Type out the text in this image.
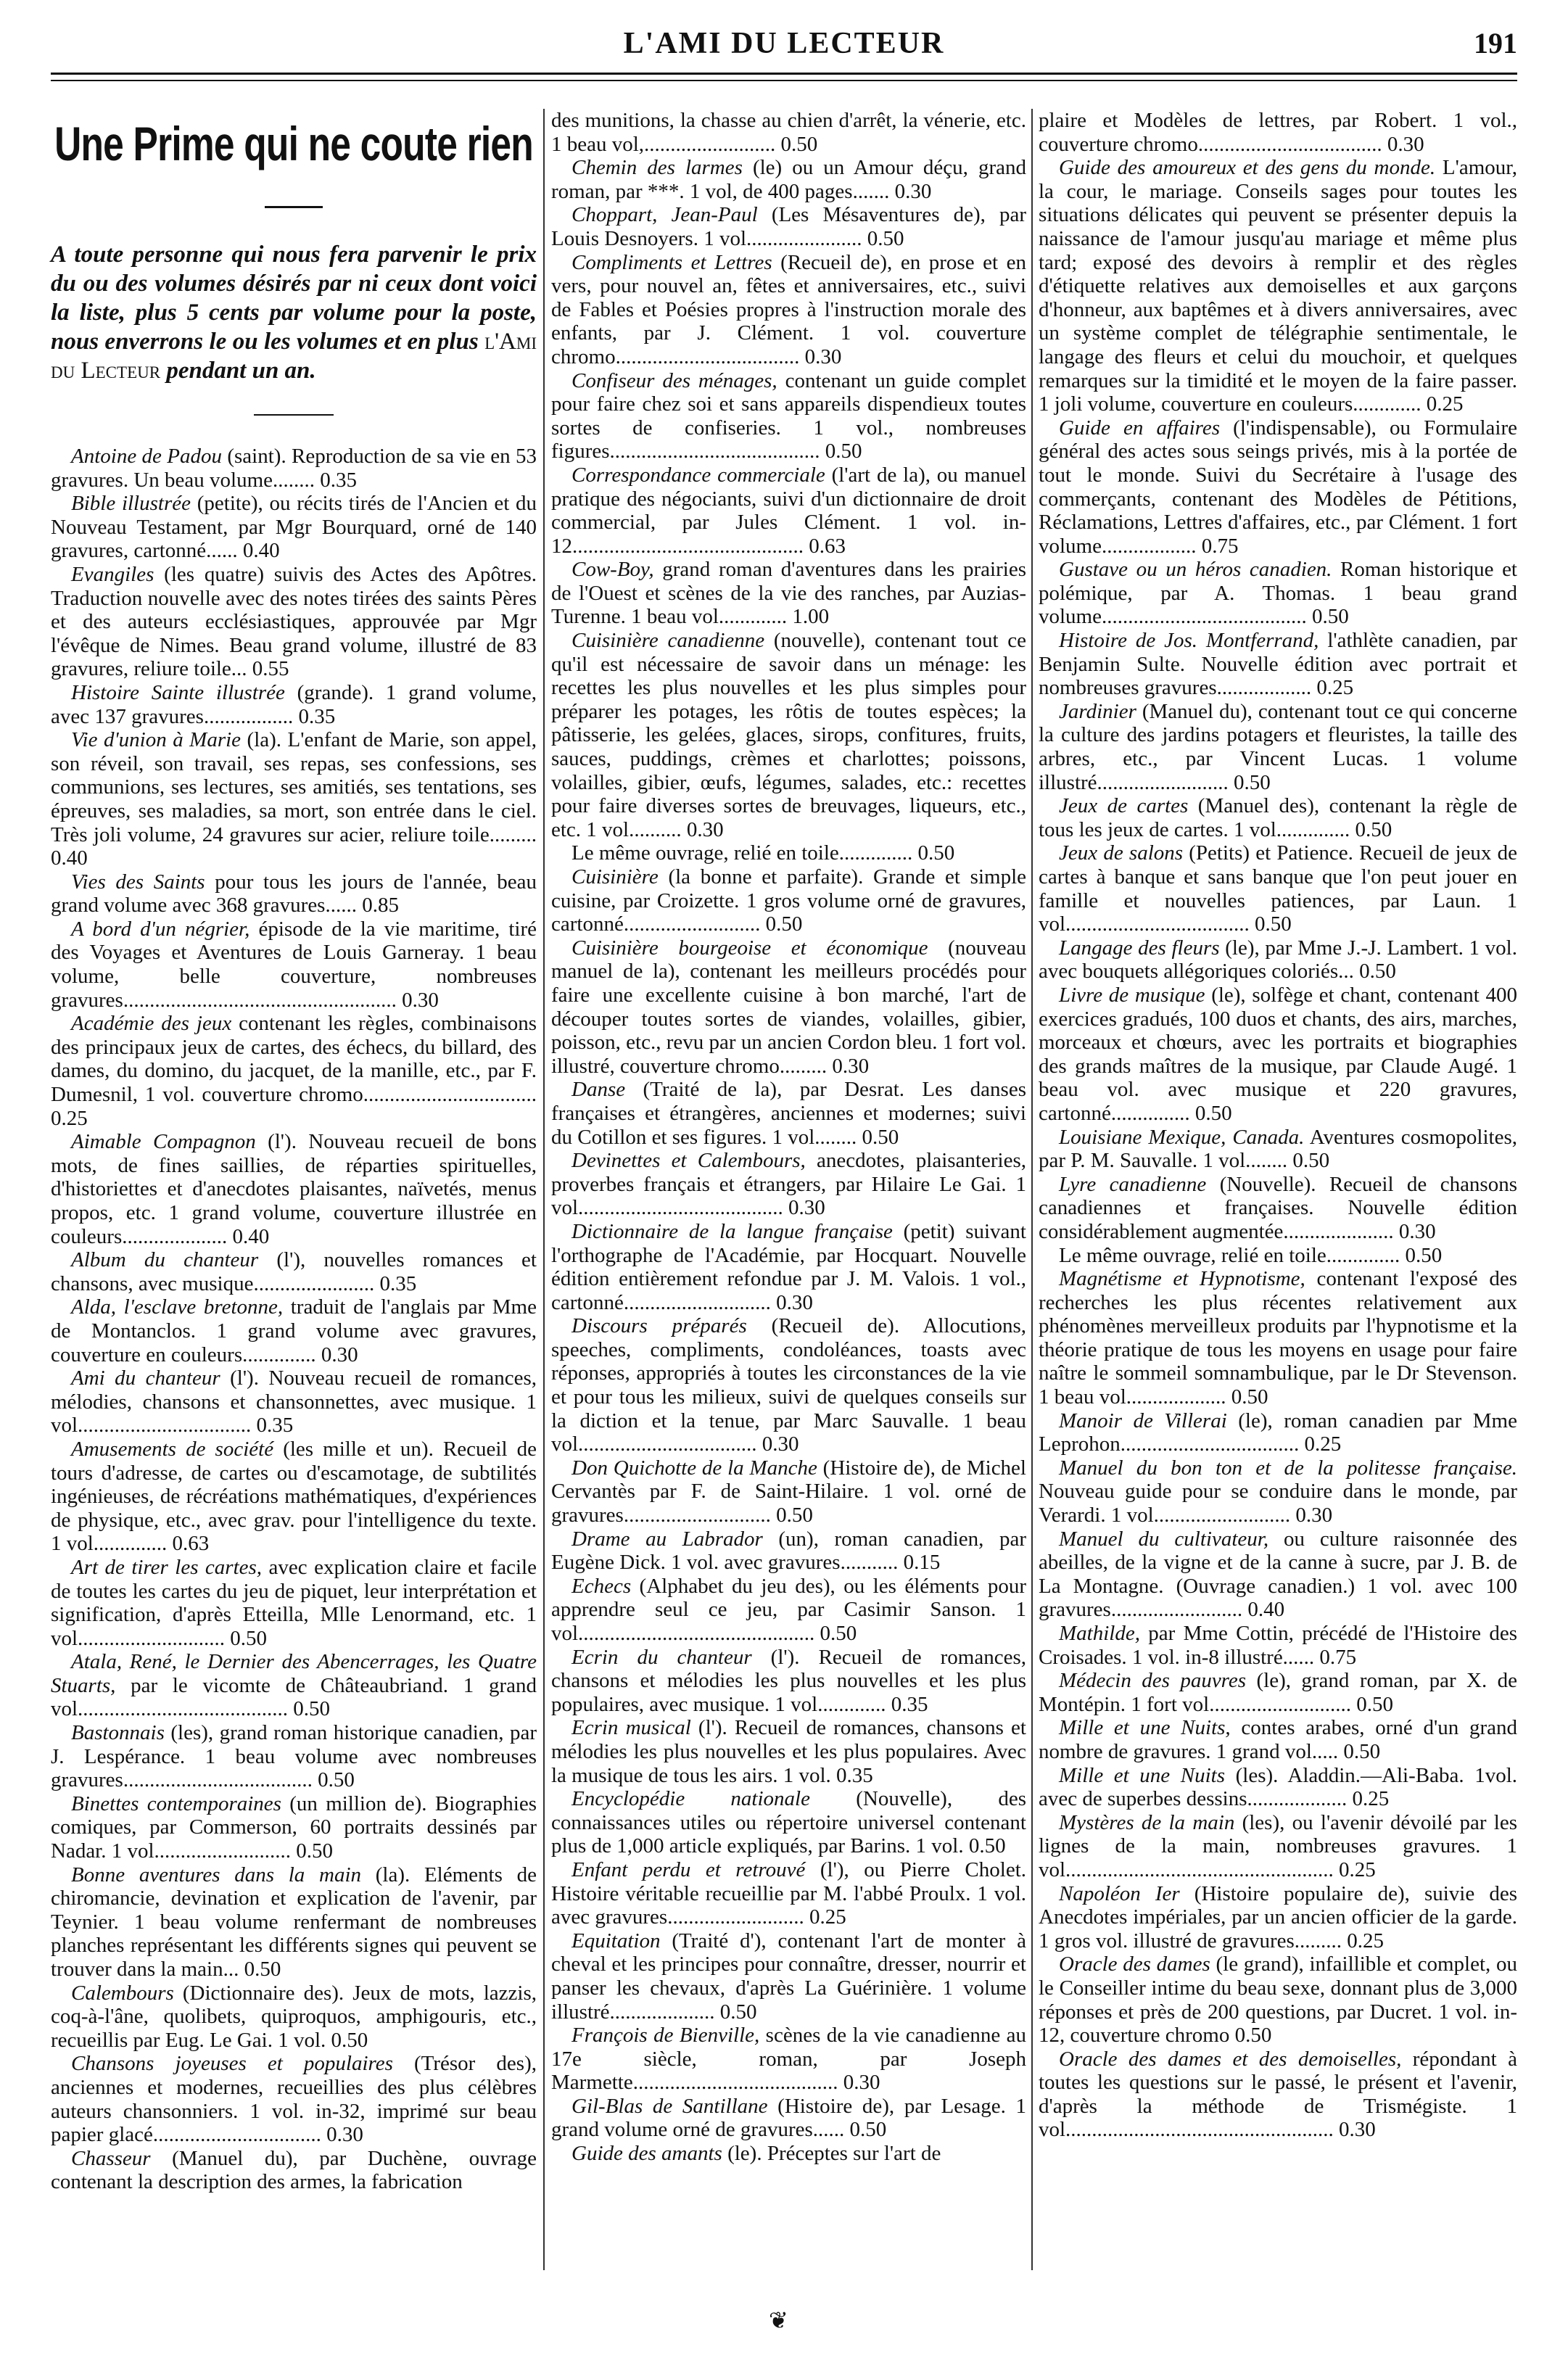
L'AMI DU LECTEUR	191
Une Prime qui ne coute rien
A toute personne qui nous fera parvenir le prix du ou des volumes désirés par ni ceux dont voici la liste, plus 5 cents par volume pour la poste, nous enverrons le ou les volumes et en plus l'Ami du Lecteur pendant un an.

Antoine de Padou (saint). Reproduction de sa vie en 53 gravures. Un beau volume........ 0.35

Bible illustrée (petite), ou récits tirés de l'Ancien et du Nouveau Testament, par Mgr Bourquard, orné de 140 gravures, cartonné...... 0.40

Evangiles (les quatre) suivis des Actes des Apôtres. Traduction nouvelle avec des notes tirées des saints Pères et des auteurs ecclésiastiques, approuvée par Mgr l'évêque de Nimes. Beau grand volume, illustré de 83 gravures, reliure toile... 0.55

Histoire Sainte illustrée (grande). 1 grand volume, avec 137 gravures................. 0.35

Vie d'union à Marie (la). L'enfant de Marie, son appel, son réveil, son travail, ses repas, ses confessions, ses communions, ses lectures, ses amitiés, ses tentations, ses épreuves, ses maladies, sa mort, son entrée dans le ciel. Très joli volume, 24 gravures sur acier, reliure toile......... 0.40

Vies des Saints pour tous les jours de l'année, beau grand volume avec 368 gravures...... 0.85

A bord d'un négrier, épisode de la vie maritime, tiré des Voyages et Aventures de Louis Garneray. 1 beau volume, belle couverture, nombreuses gravures.................................................... 0.30

Académie des jeux contenant les règles, combinaisons des principaux jeux de cartes, des échecs, du billard, des dames, du domino, du jacquet, de la manille, etc., par F. Dumesnil, 1 vol. couverture chromo................................. 0.25

Aimable Compagnon (l'). Nouveau recueil de bons mots, de fines saillies, de réparties spirituelles, d'historiettes et d'anecdotes plaisantes, naïvetés, menus propos, etc. 1 grand volume, couverture illustrée en couleurs.................... 0.40

Album du chanteur (l'), nouvelles romances et chansons, avec musique....................... 0.35

Alda, l'esclave bretonne, traduit de l'anglais par Mme de Montanclos. 1 grand volume avec gravures, couverture en couleurs.............. 0.30

Ami du chanteur (l'). Nouveau recueil de romances, mélodies, chansons et chansonnettes, avec musique. 1 vol................................. 0.35

Amusements de société (les mille et un). Recueil de tours d'adresse, de cartes ou d'escamotage, de subtilités ingénieuses, de récréations mathématiques, d'expériences de physique, etc., avec grav. pour l'intelligence du texte. 1 vol.............. 0.63

Art de tirer les cartes, avec explication claire et facile de toutes les cartes du jeu de piquet, leur interprétation et signification, d'après Etteilla, Mlle Lenormand, etc. 1 vol............................ 0.50

Atala, René, le Dernier des Abencerrages, les Quatre Stuarts, par le vicomte de Châteaubriand. 1 grand vol........................................ 0.50

Bastonnais (les), grand roman historique canadien, par J. Lespérance. 1 beau volume avec nombreuses gravures.................................... 0.50

Binettes contemporaines (un million de). Biographies comiques, par Commerson, 60 portraits dessinés par Nadar. 1 vol.......................... 0.50

Bonne aventures dans la main (la). Eléments de chiromancie, devination et explication de l'avenir, par Teynier. 1 beau volume renfermant de nombreuses planches représentant les différents signes qui peuvent se trouver dans la main... 0.50

Calembours (Dictionnaire des). Jeux de mots, lazzis, coq-à-l'âne, quolibets, quiproquos, amphigouris, etc., recueillis par Eug. Le Gai. 1 vol. 0.50

Chansons joyeuses et populaires (Trésor des), anciennes et modernes, recueillies des plus célèbres auteurs chansonniers. 1 vol. in-32, imprimé sur beau papier glacé................................ 0.30

Chasseur (Manuel du), par Duchène, ouvrage contenant la description des armes, la fabrication

des munitions, la chasse au chien d'arrêt, la vénerie, etc. 1 beau vol,......................... 0.50

Chemin des larmes (le) ou un Amour déçu, grand roman, par ***. 1 vol, de 400 pages....... 0.30

Choppart, Jean-Paul (Les Mésaventures de), par Louis Desnoyers. 1 vol...................... 0.50

Compliments et Lettres (Recueil de), en prose et en vers, pour nouvel an, fêtes et anniversaires, etc., suivi de Fables et Poésies propres à l'instruction morale des enfants, par J. Clément. 1 vol. couverture chromo................................... 0.30

Confiseur des ménages, contenant un guide complet pour faire chez soi et sans appareils dispendieux toutes sortes de confiseries. 1 vol., nombreuses figures........................................ 0.50

Correspondance commerciale (l'art de la), ou manuel pratique des négociants, suivi d'un dictionnaire de droit commercial, par Jules Clément. 1 vol. in-12............................................ 0.63

Cow-Boy, grand roman d'aventures dans les prairies de l'Ouest et scènes de la vie des ranches, par Auzias-Turenne. 1 beau vol............. 1.00

Cuisinière canadienne (nouvelle), contenant tout ce qu'il est nécessaire de savoir dans un ménage: les recettes les plus nouvelles et les plus simples pour préparer les potages, les rôtis de toutes espèces; la pâtisserie, les gelées, glaces, sirops, confitures, fruits, sauces, puddings, crèmes et charlottes; poissons, volailles, gibier, œufs, légumes, salades, etc.: recettes pour faire diverses sortes de breuvages, liqueurs, etc., etc. 1 vol.......... 0.30

Le même ouvrage, relié en toile.............. 0.50

Cuisinière (la bonne et parfaite). Grande et simple cuisine, par Croizette. 1 gros volume orné de gravures, cartonné.......................... 0.50

Cuisinière bourgeoise et économique (nouveau manuel de la), contenant les meilleurs procédés pour faire une excellente cuisine à bon marché, l'art de découper toutes sortes de viandes, volailles, gibier, poisson, etc., revu par un ancien Cordon bleu. 1 fort vol. illustré, couverture chromo......... 0.30

Danse (Traité de la), par Desrat. Les danses françaises et étrangères, anciennes et modernes; suivi du Cotillon et ses figures. 1 vol........ 0.50

Devinettes et Calembours, anecdotes, plaisanteries, proverbes français et étrangers, par Hilaire Le Gai. 1 vol....................................... 0.30

Dictionnaire de la langue française (petit) suivant l'orthographe de l'Académie, par Hocquart. Nouvelle édition entièrement refondue par J. M. Valois. 1 vol., cartonné............................ 0.30

Discours préparés (Recueil de). Allocutions, speeches, compliments, condoléances, toasts avec réponses, appropriés à toutes les circonstances de la vie et pour tous les milieux, suivi de quelques conseils sur la diction et la tenue, par Marc Sauvalle. 1 beau vol.................................. 0.30

Don Quichotte de la Manche (Histoire de), de Michel Cervantès par F. de Saint-Hilaire. 1 vol. orné de gravures............................ 0.50

Drame au Labrador (un), roman canadien, par Eugène Dick. 1 vol. avec gravures........... 0.15

Echecs (Alphabet du jeu des), ou les éléments pour apprendre seul ce jeu, par Casimir Sanson. 1 vol............................................. 0.50

Ecrin du chanteur (l'). Recueil de romances, chansons et mélodies les plus nouvelles et les plus populaires, avec musique. 1 vol............. 0.35

Ecrin musical (l'). Recueil de romances, chansons et mélodies les plus nouvelles et les plus populaires. Avec la musique de tous les airs. 1 vol. 0.35

Encyclopédie nationale (Nouvelle), des connaissances utiles ou répertoire universel contenant plus de 1,000 article expliqués, par Barins. 1 vol. 0.50

Enfant perdu et retrouvé (l'), ou Pierre Cholet. Histoire véritable recueillie par M. l'abbé Proulx. 1 vol. avec gravures.......................... 0.25

Equitation (Traité d'), contenant l'art de monter à cheval et les principes pour connaître, dresser, nourrir et panser les chevaux, d'après La Guérinière. 1 volume illustré.................... 0.50

François de Bienville, scènes de la vie canadienne au 17e siècle, roman, par Joseph Marmette....................................... 0.30

Gil-Blas de Santillane (Histoire de), par Lesage. 1 grand volume orné de gravures...... 0.50

Guide des amants (le). Préceptes sur l'art de

plaire et Modèles de lettres, par Robert. 1 vol., couverture chromo................................... 0.30

Guide des amoureux et des gens du monde. L'amour, la cour, le mariage. Conseils sages pour toutes les situations délicates qui peuvent se présenter depuis la naissance de l'amour jusqu'au mariage et même plus tard; exposé des devoirs à remplir et des règles d'étiquette relatives aux demoiselles et aux garçons d'honneur, aux baptêmes et à divers anniversaires, avec un système complet de télégraphie sentimentale, le langage des fleurs et celui du mouchoir, et quelques remarques sur la timidité et le moyen de la faire passer. 1 joli volume, couverture en couleurs............. 0.25

Guide en affaires (l'indispensable), ou Formulaire général des actes sous seings privés, mis à la portée de tout le monde. Suivi du Secrétaire à l'usage des commerçants, contenant des Modèles de Pétitions, Réclamations, Lettres d'affaires, etc., par Clément. 1 fort volume.................. 0.75

Gustave ou un héros canadien. Roman historique et polémique, par A. Thomas. 1 beau grand volume....................................... 0.50

Histoire de Jos. Montferrand, l'athlète canadien, par Benjamin Sulte. Nouvelle édition avec portrait et nombreuses gravures.................. 0.25

Jardinier (Manuel du), contenant tout ce qui concerne la culture des jardins potagers et fleuristes, la taille des arbres, etc., par Vincent Lucas. 1 volume illustré......................... 0.50

Jeux de cartes (Manuel des), contenant la règle de tous les jeux de cartes. 1 vol.............. 0.50

Jeux de salons (Petits) et Patience. Recueil de jeux de cartes à banque et sans banque que l'on peut jouer en famille et nouvelles patiences, par Laun. 1 vol................................... 0.50

Langage des fleurs (le), par Mme J.-J. Lambert. 1 vol. avec bouquets allégoriques coloriés... 0.50

Livre de musique (le), solfège et chant, contenant 400 exercices gradués, 100 duos et chants, des airs, marches, morceaux et chœurs, avec les portraits et biographies des grands maîtres de la musique, par Claude Augé. 1 beau vol. avec musique et 220 gravures, cartonné............... 0.50

Louisiane Mexique, Canada. Aventures cosmopolites, par P. M. Sauvalle. 1 vol........ 0.50

Lyre canadienne (Nouvelle). Recueil de chansons canadiennes et françaises. Nouvelle édition considérablement augmentée..................... 0.30

Le même ouvrage, relié en toile.............. 0.50

Magnétisme et Hypnotisme, contenant l'exposé des recherches les plus récentes relativement aux phénomènes merveilleux produits par l'hypnotisme et la théorie pratique de tous les moyens en usage pour faire naître le sommeil somnambulique, par le Dr Stevenson. 1 beau vol................... 0.50

Manoir de Villerai (le), roman canadien par Mme Leprohon.................................. 0.25

Manuel du bon ton et de la politesse française. Nouveau guide pour se conduire dans le monde, par Verardi. 1 vol.......................... 0.30

Manuel du cultivateur, ou culture raisonnée des abeilles, de la vigne et de la canne à sucre, par J. B. de La Montagne. (Ouvrage canadien.) 1 vol. avec 100 gravures......................... 0.40

Mathilde, par Mme Cottin, précédé de l'Histoire des Croisades. 1 vol. in-8 illustré...... 0.75

Médecin des pauvres (le), grand roman, par X. de Montépin. 1 fort vol........................... 0.50

Mille et une Nuits, contes arabes, orné d'un grand nombre de gravures. 1 grand vol..... 0.50

Mille et une Nuits (les). Aladdin.—Ali-Baba. 1vol. avec de superbes dessins................... 0.25

Mystères de la main (les), ou l'avenir dévoilé par les lignes de la main, nombreuses gravures. 1 vol................................................... 0.25

Napoléon Ier (Histoire populaire de), suivie des Anecdotes impériales, par un ancien officier de la garde. 1 gros vol. illustré de gravures......... 0.25

Oracle des dames (le grand), infaillible et complet, ou le Conseiller intime du beau sexe, donnant plus de 3,000 réponses et près de 200 questions, par Ducret. 1 vol. in-12, couverture chromo 0.50

Oracle des dames et des demoiselles, répondant à toutes les questions sur le passé, le présent et l'avenir, d'après la méthode de Trismégiste. 1 vol................................................... 0.30

❦
